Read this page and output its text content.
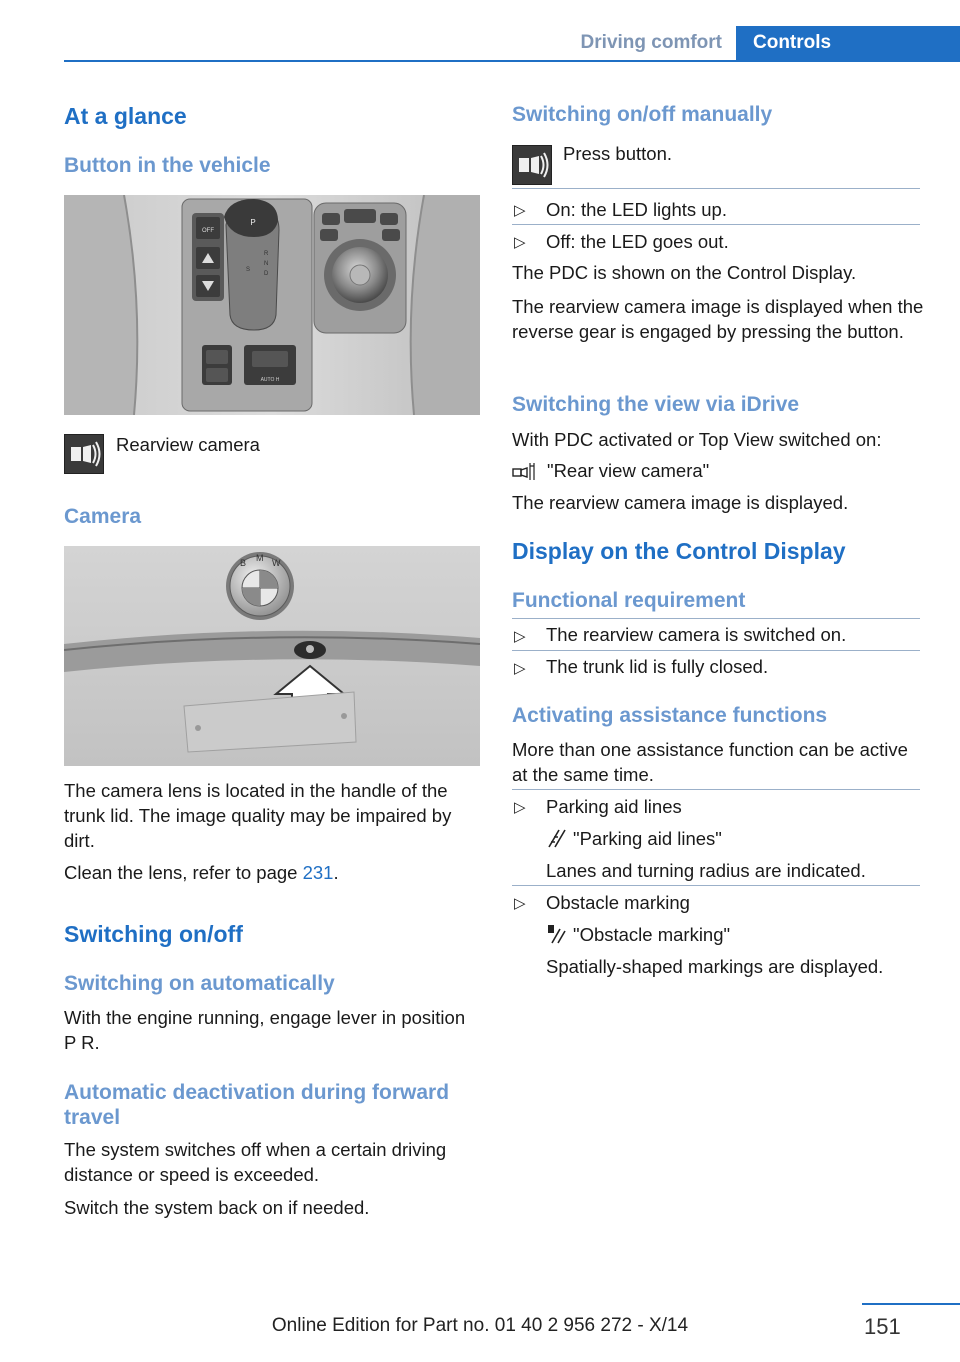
Driving comfort	Controls
At a glance
Button in the vehicle
OFF
P
R
N
D
S
AUTO H
Rearview camera
Camera
B M W
The camera lens is located in the handle of the trunk lid. The image quality may be impaired by dirt.
Clean the lens, refer to page 231.
Switching on/off
Switching on automatically
With the engine running, engage lever in position P R.
Automatic deactivation during forward travel
The system switches off when a certain driving distance or speed is exceeded.
Switch the system back on if needed.
Switching on/off manually
Press button.
▷ On: the LED lights up.
▷ Off: the LED goes out.
The PDC is shown on the Control Display.
The rearview camera image is displayed when the reverse gear is engaged by pressing the button.
Switching the view via iDrive
With PDC activated or Top View switched on:
"Rear view camera"
The rearview camera image is displayed.
Display on the Control Display
Functional requirement
▷ The rearview camera is switched on.
▷ The trunk lid is fully closed.
Activating assistance functions
More than one assistance function can be active at the same time.
▷ Parking aid lines
"Parking aid lines"
Lanes and turning radius are indicated.
▷ Obstacle marking
"Obstacle marking"
Spatially-shaped markings are displayed.
151
Online Edition for Part no. 01 40 2 956 272 - X/14
